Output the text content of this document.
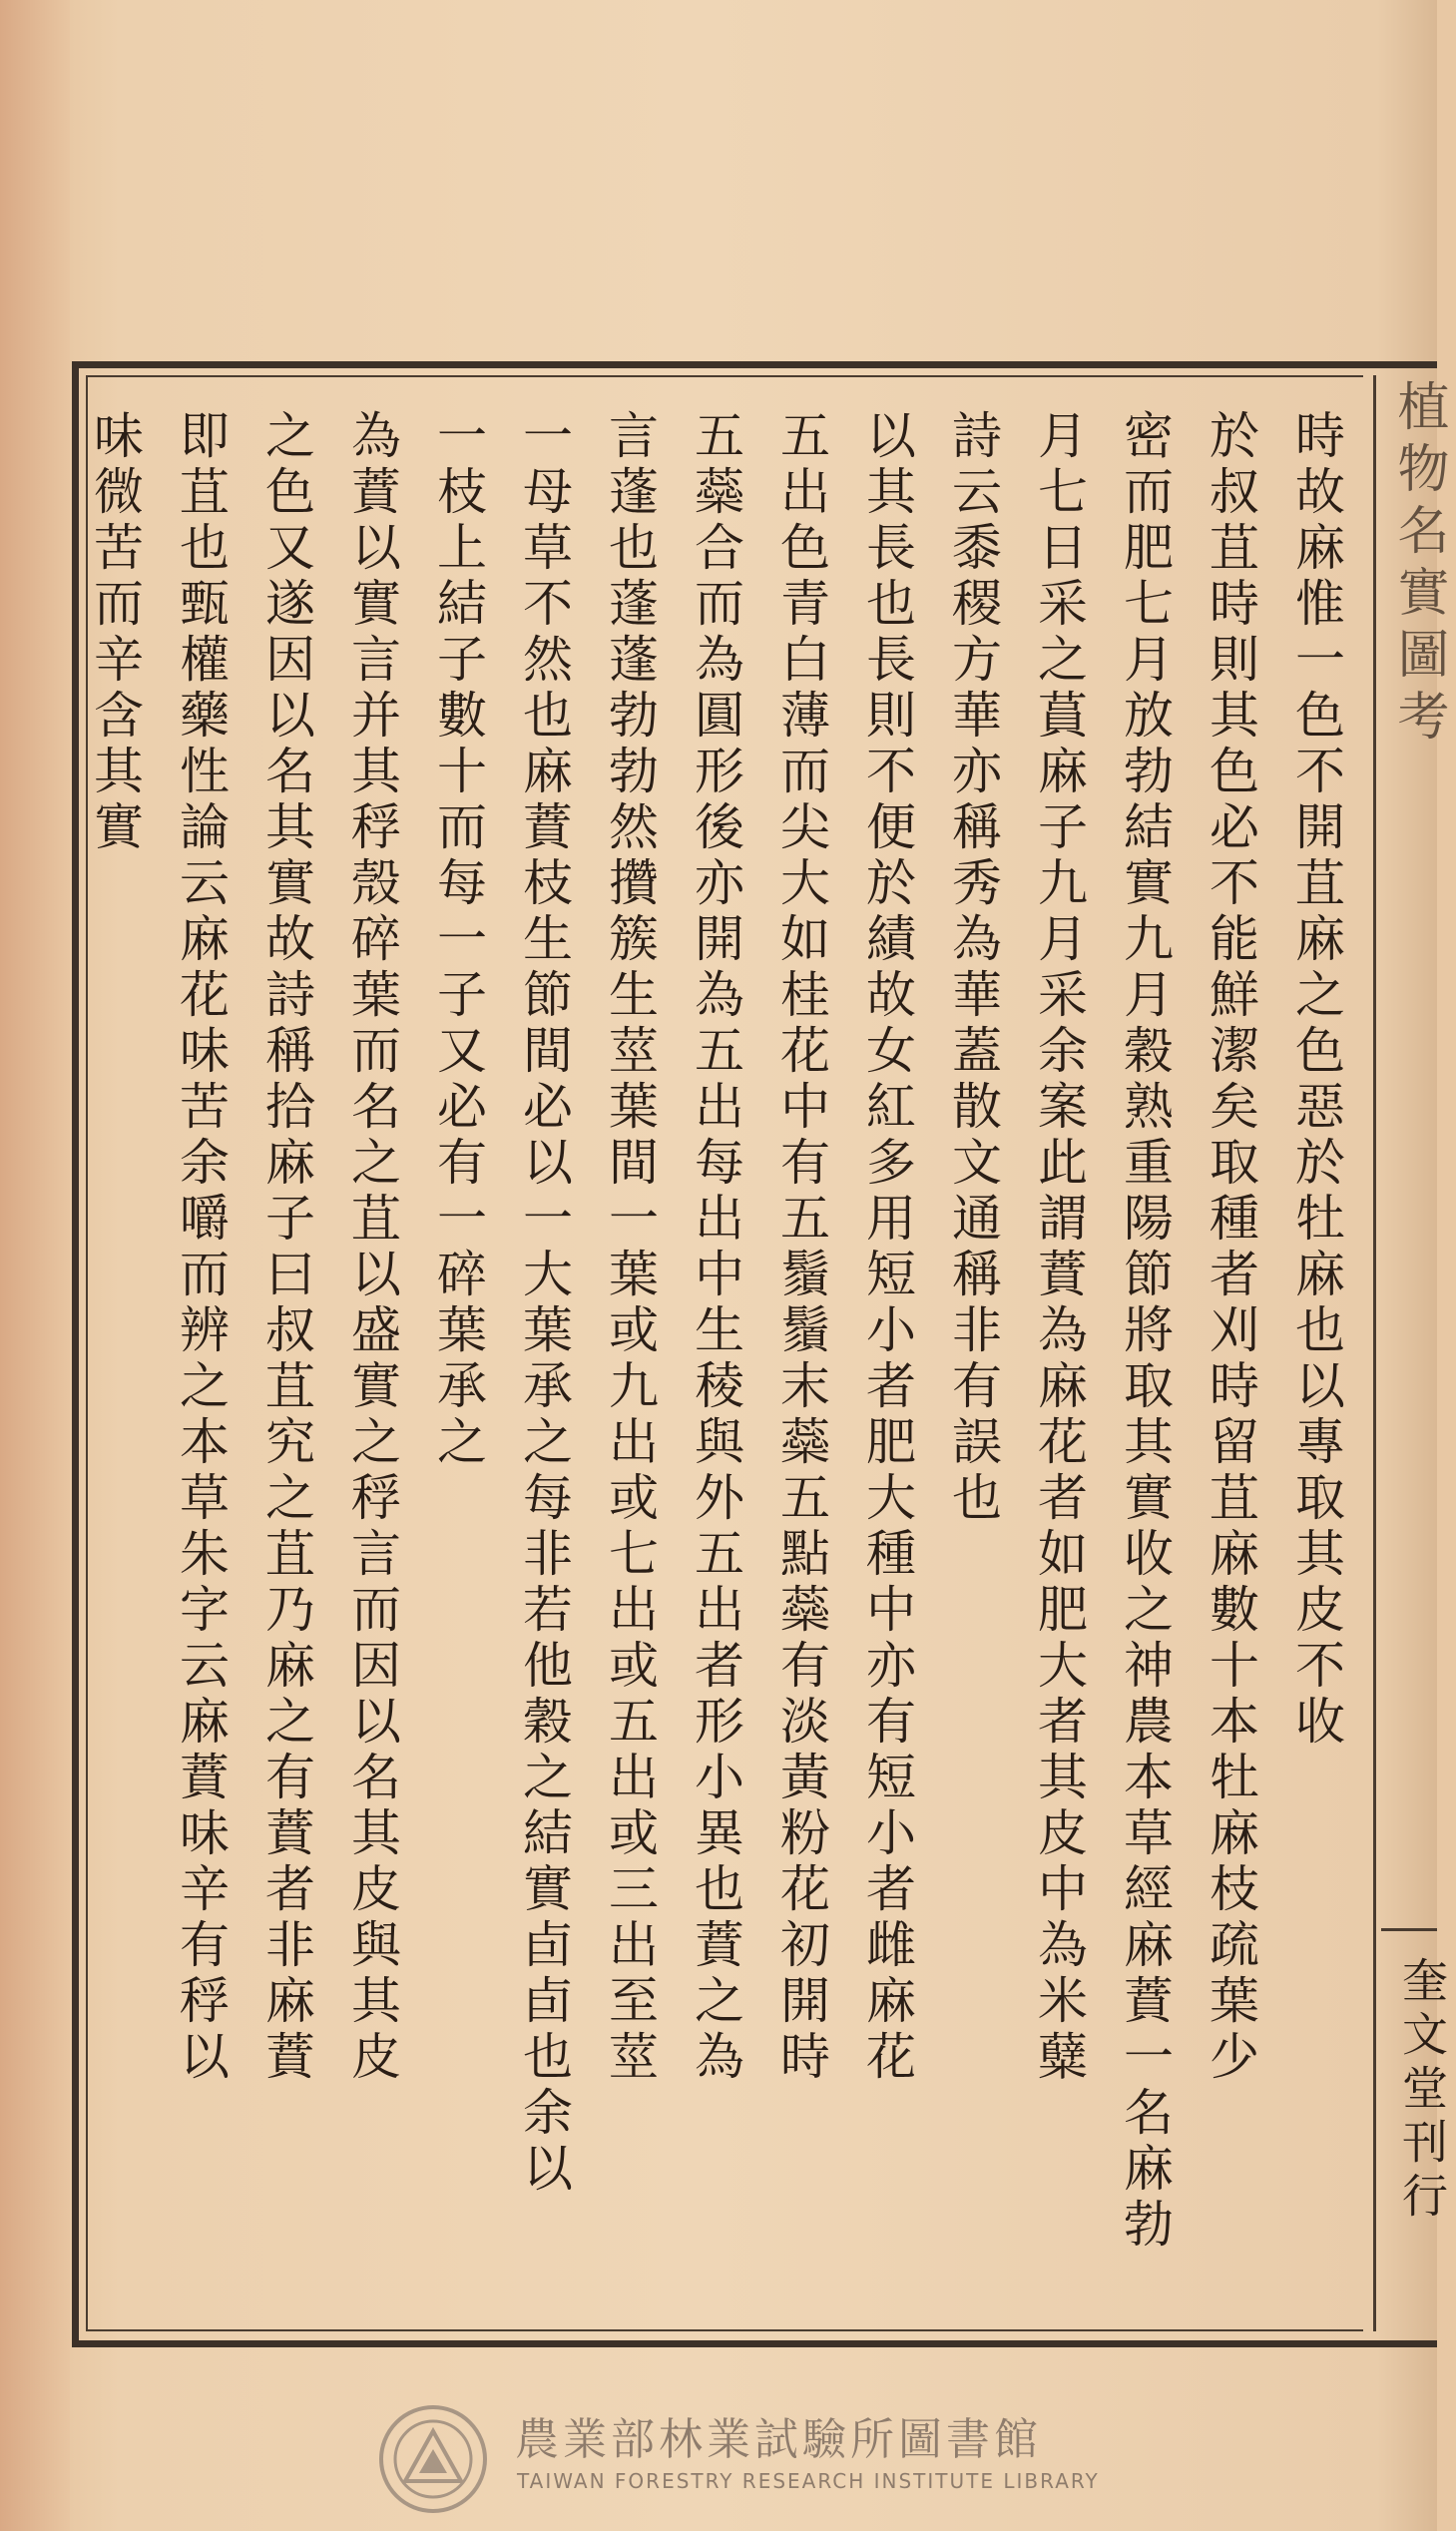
植物名實圖考
奎文堂刊行
時故麻惟一色不開苴麻之色惡於牡麻也以專取其皮不收
於叔苴時則其色必不能鮮潔矣取種者刈時留苴麻數十本牡麻枝疏葉少
密而肥七月放勃結實九月穀熟重陽節將取其實收之神農本草經麻蕡一名麻勃
月七日采之蒷麻子九月采余案此謂蕡為麻花者如肥大者其皮中為米糵
詩云黍稷方華亦稱秀為華蓋散文通稱非有誤也
以其長也長則不便於績故女紅多用短小者肥大種中亦有短小者雌麻花
五出色青白薄而尖大如桂花中有五鬚鬚末蘂五點蘂有淡黃粉花初開時
五蘂合而為圓形後亦開為五出每出中生稜與外五出者形小異也蕡之為
言蓬也蓬蓬勃勃然攢簇生莖葉間一葉或九出或七出或五出或三出至莖
一母草不然也麻蕡枝生節間必以一大葉承之每非若他穀之結實卣卣也余以
一枝上結子數十而每一子又必有一碎葉承之
為蕡以實言并其稃殼碎葉而名之苴以盛實之稃言而因以名其皮與其皮
之色又遂因以名其實故詩稱拾麻子曰叔苴究之苴乃麻之有蕡者非麻蕡
即苴也甄權藥性論云麻花味苦余嚼而辨之本草朱字云麻蕡味辛有稃以
味微苦而辛含其實
農業部林業試驗所圖書館
TAIWAN FORESTRY RESEARCH INSTITUTE LIBRARY
